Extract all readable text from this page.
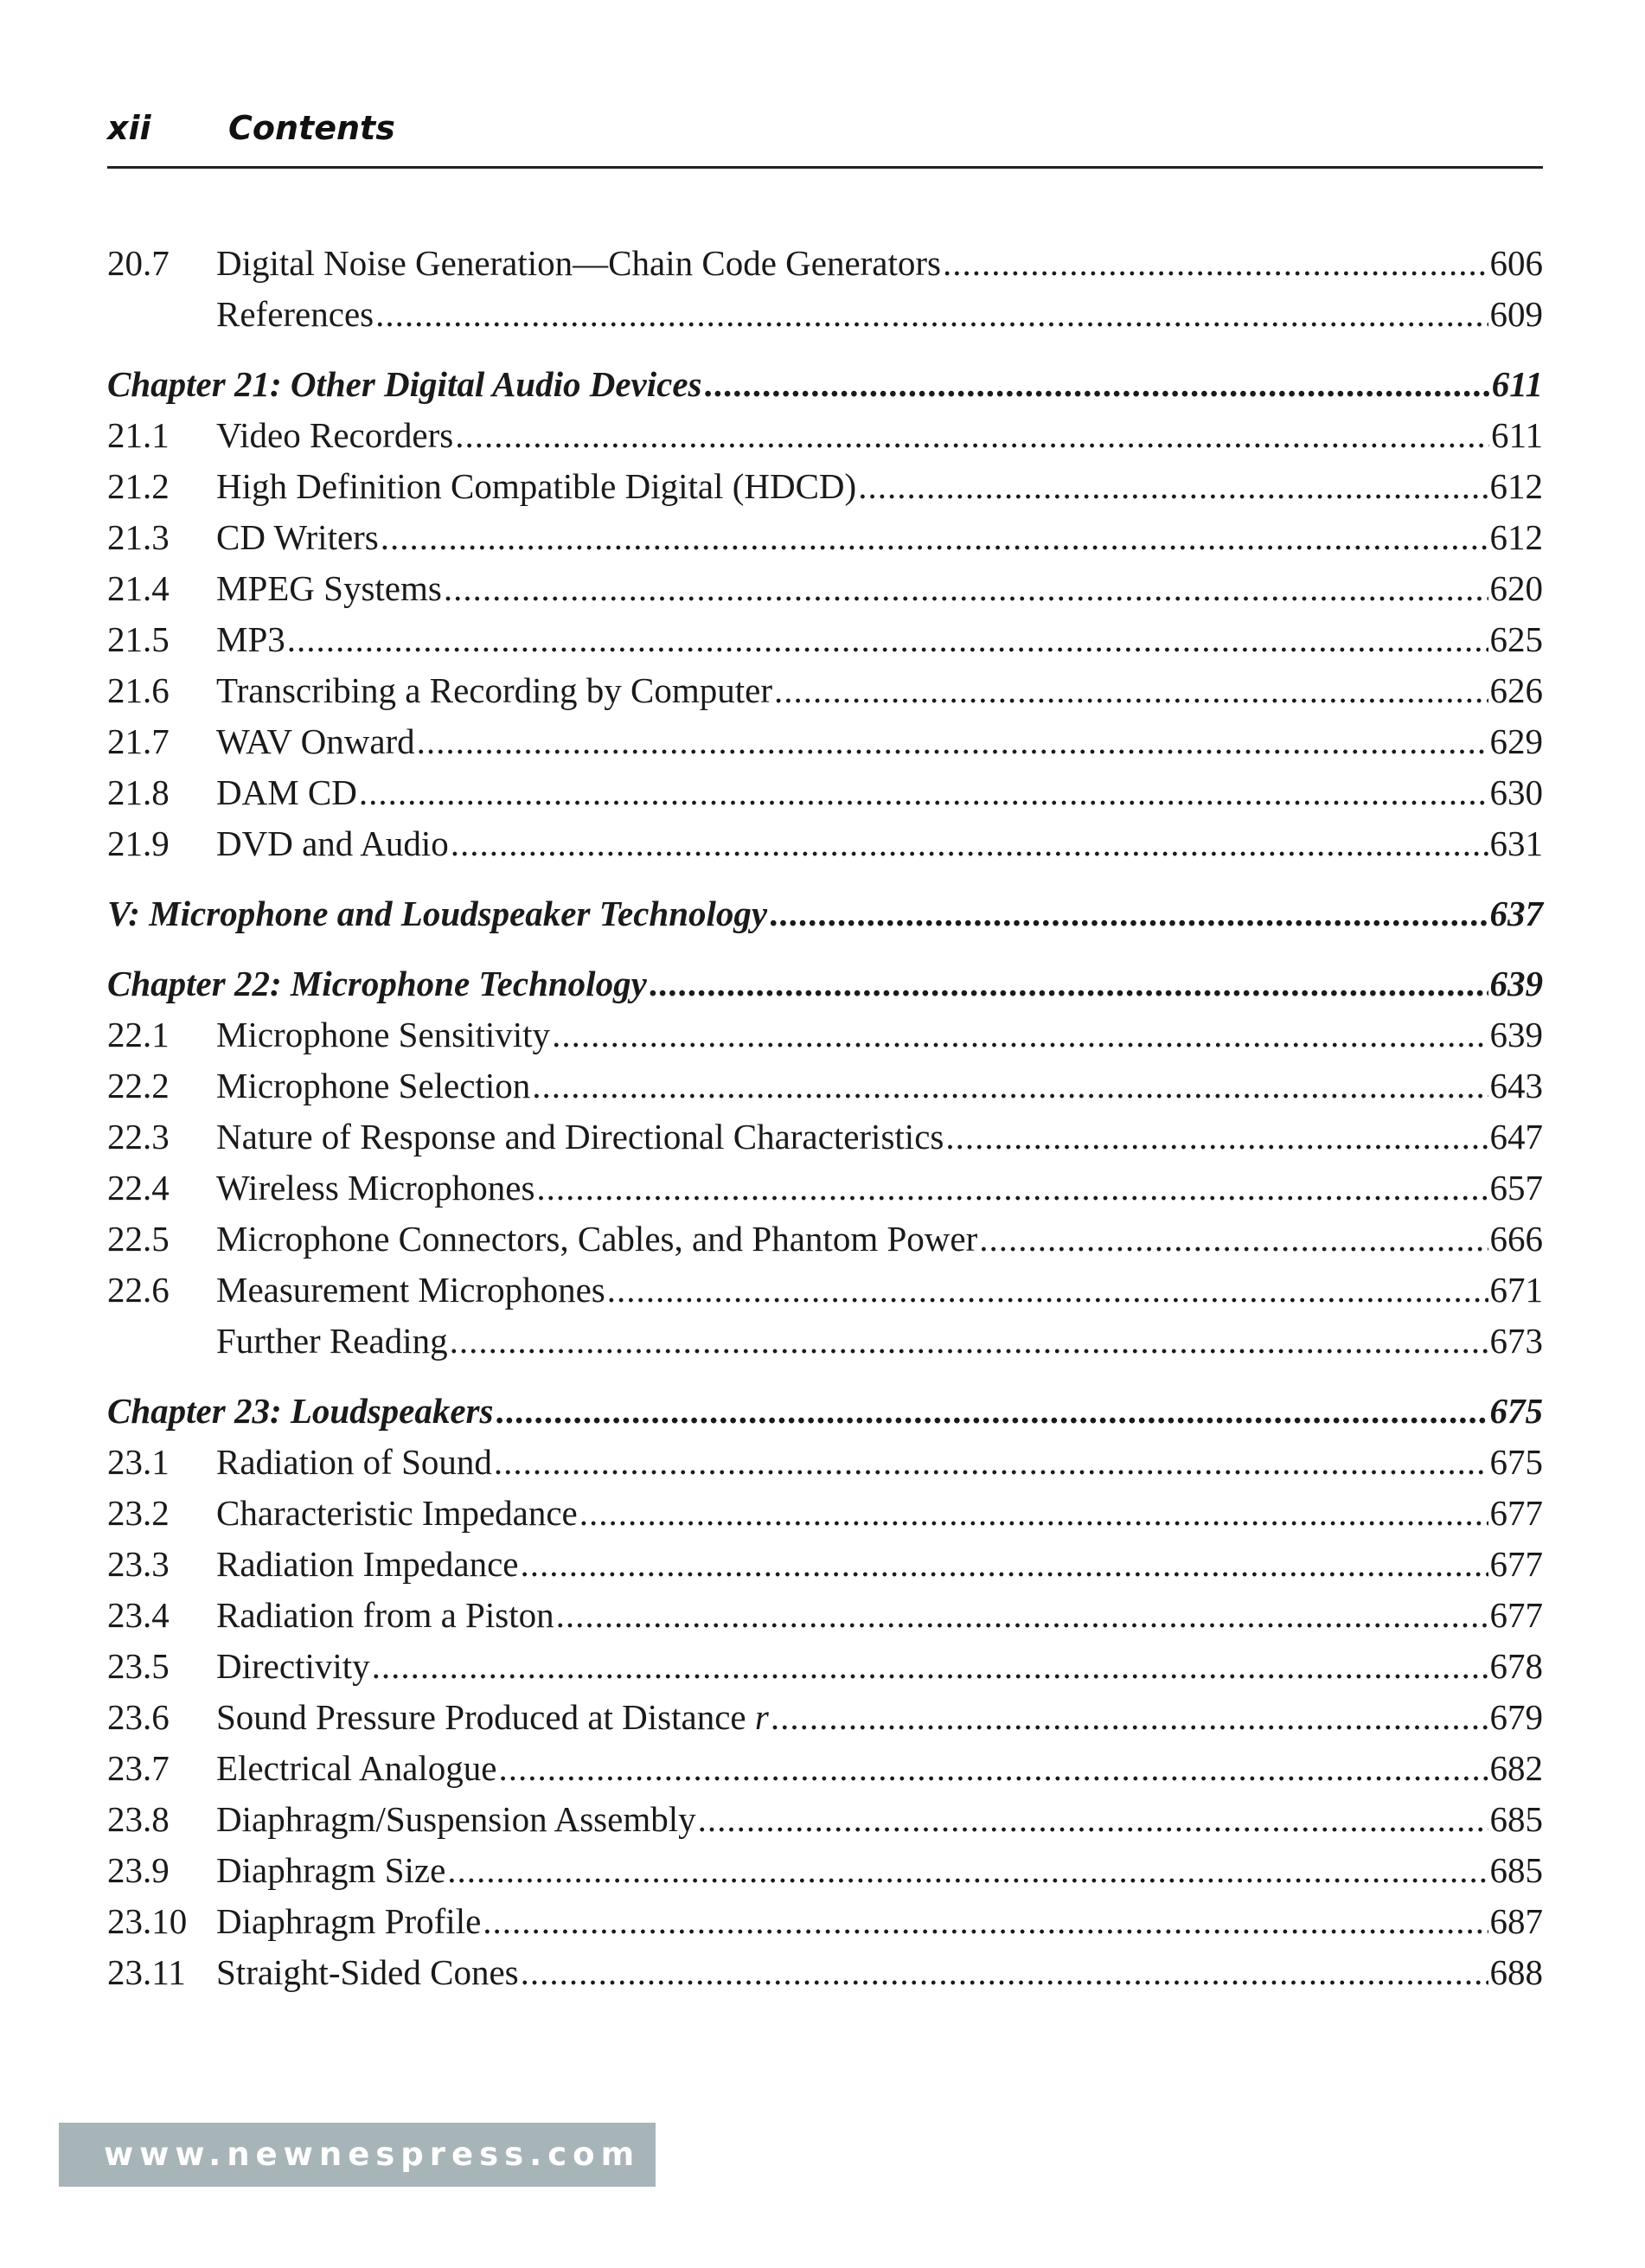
xii Contents
20.7	Digital Noise Generation—Chain Code Generators .....	606
References .....	609
Chapter 21: Other Digital Audio Devices .....	611
21.1	Video Recorders .....	611
21.2	High Definition Compatible Digital (HDCD) .....	612
21.3	CD Writers .....	612
21.4	MPEG Systems .....	620
21.5	MP3 .....	625
21.6	Transcribing a Recording by Computer .....	626
21.7	WAV Onward .....	629
21.8	DAM CD .....	630
21.9	DVD and Audio .....	631
V: Microphone and Loudspeaker Technology .....	637
Chapter 22: Microphone Technology .....	639
22.1	Microphone Sensitivity .....	639
22.2	Microphone Selection .....	643
22.3	Nature of Response and Directional Characteristics .....	647
22.4	Wireless Microphones .....	657
22.5	Microphone Connectors, Cables, and Phantom Power .....	666
22.6	Measurement Microphones .....	671
Further Reading .....	673
Chapter 23: Loudspeakers .....	675
23.1	Radiation of Sound .....	675
23.2	Characteristic Impedance .....	677
23.3	Radiation Impedance .....	677
23.4	Radiation from a Piston .....	677
23.5	Directivity .....	678
23.6	Sound Pressure Produced at Distance r .....	679
23.7	Electrical Analogue .....	682
23.8	Diaphragm/Suspension Assembly .....	685
23.9	Diaphragm Size .....	685
23.10 Diaphragm Profile .....	687
23.11 Straight-Sided Cones .....	688
www.newnespress.com
